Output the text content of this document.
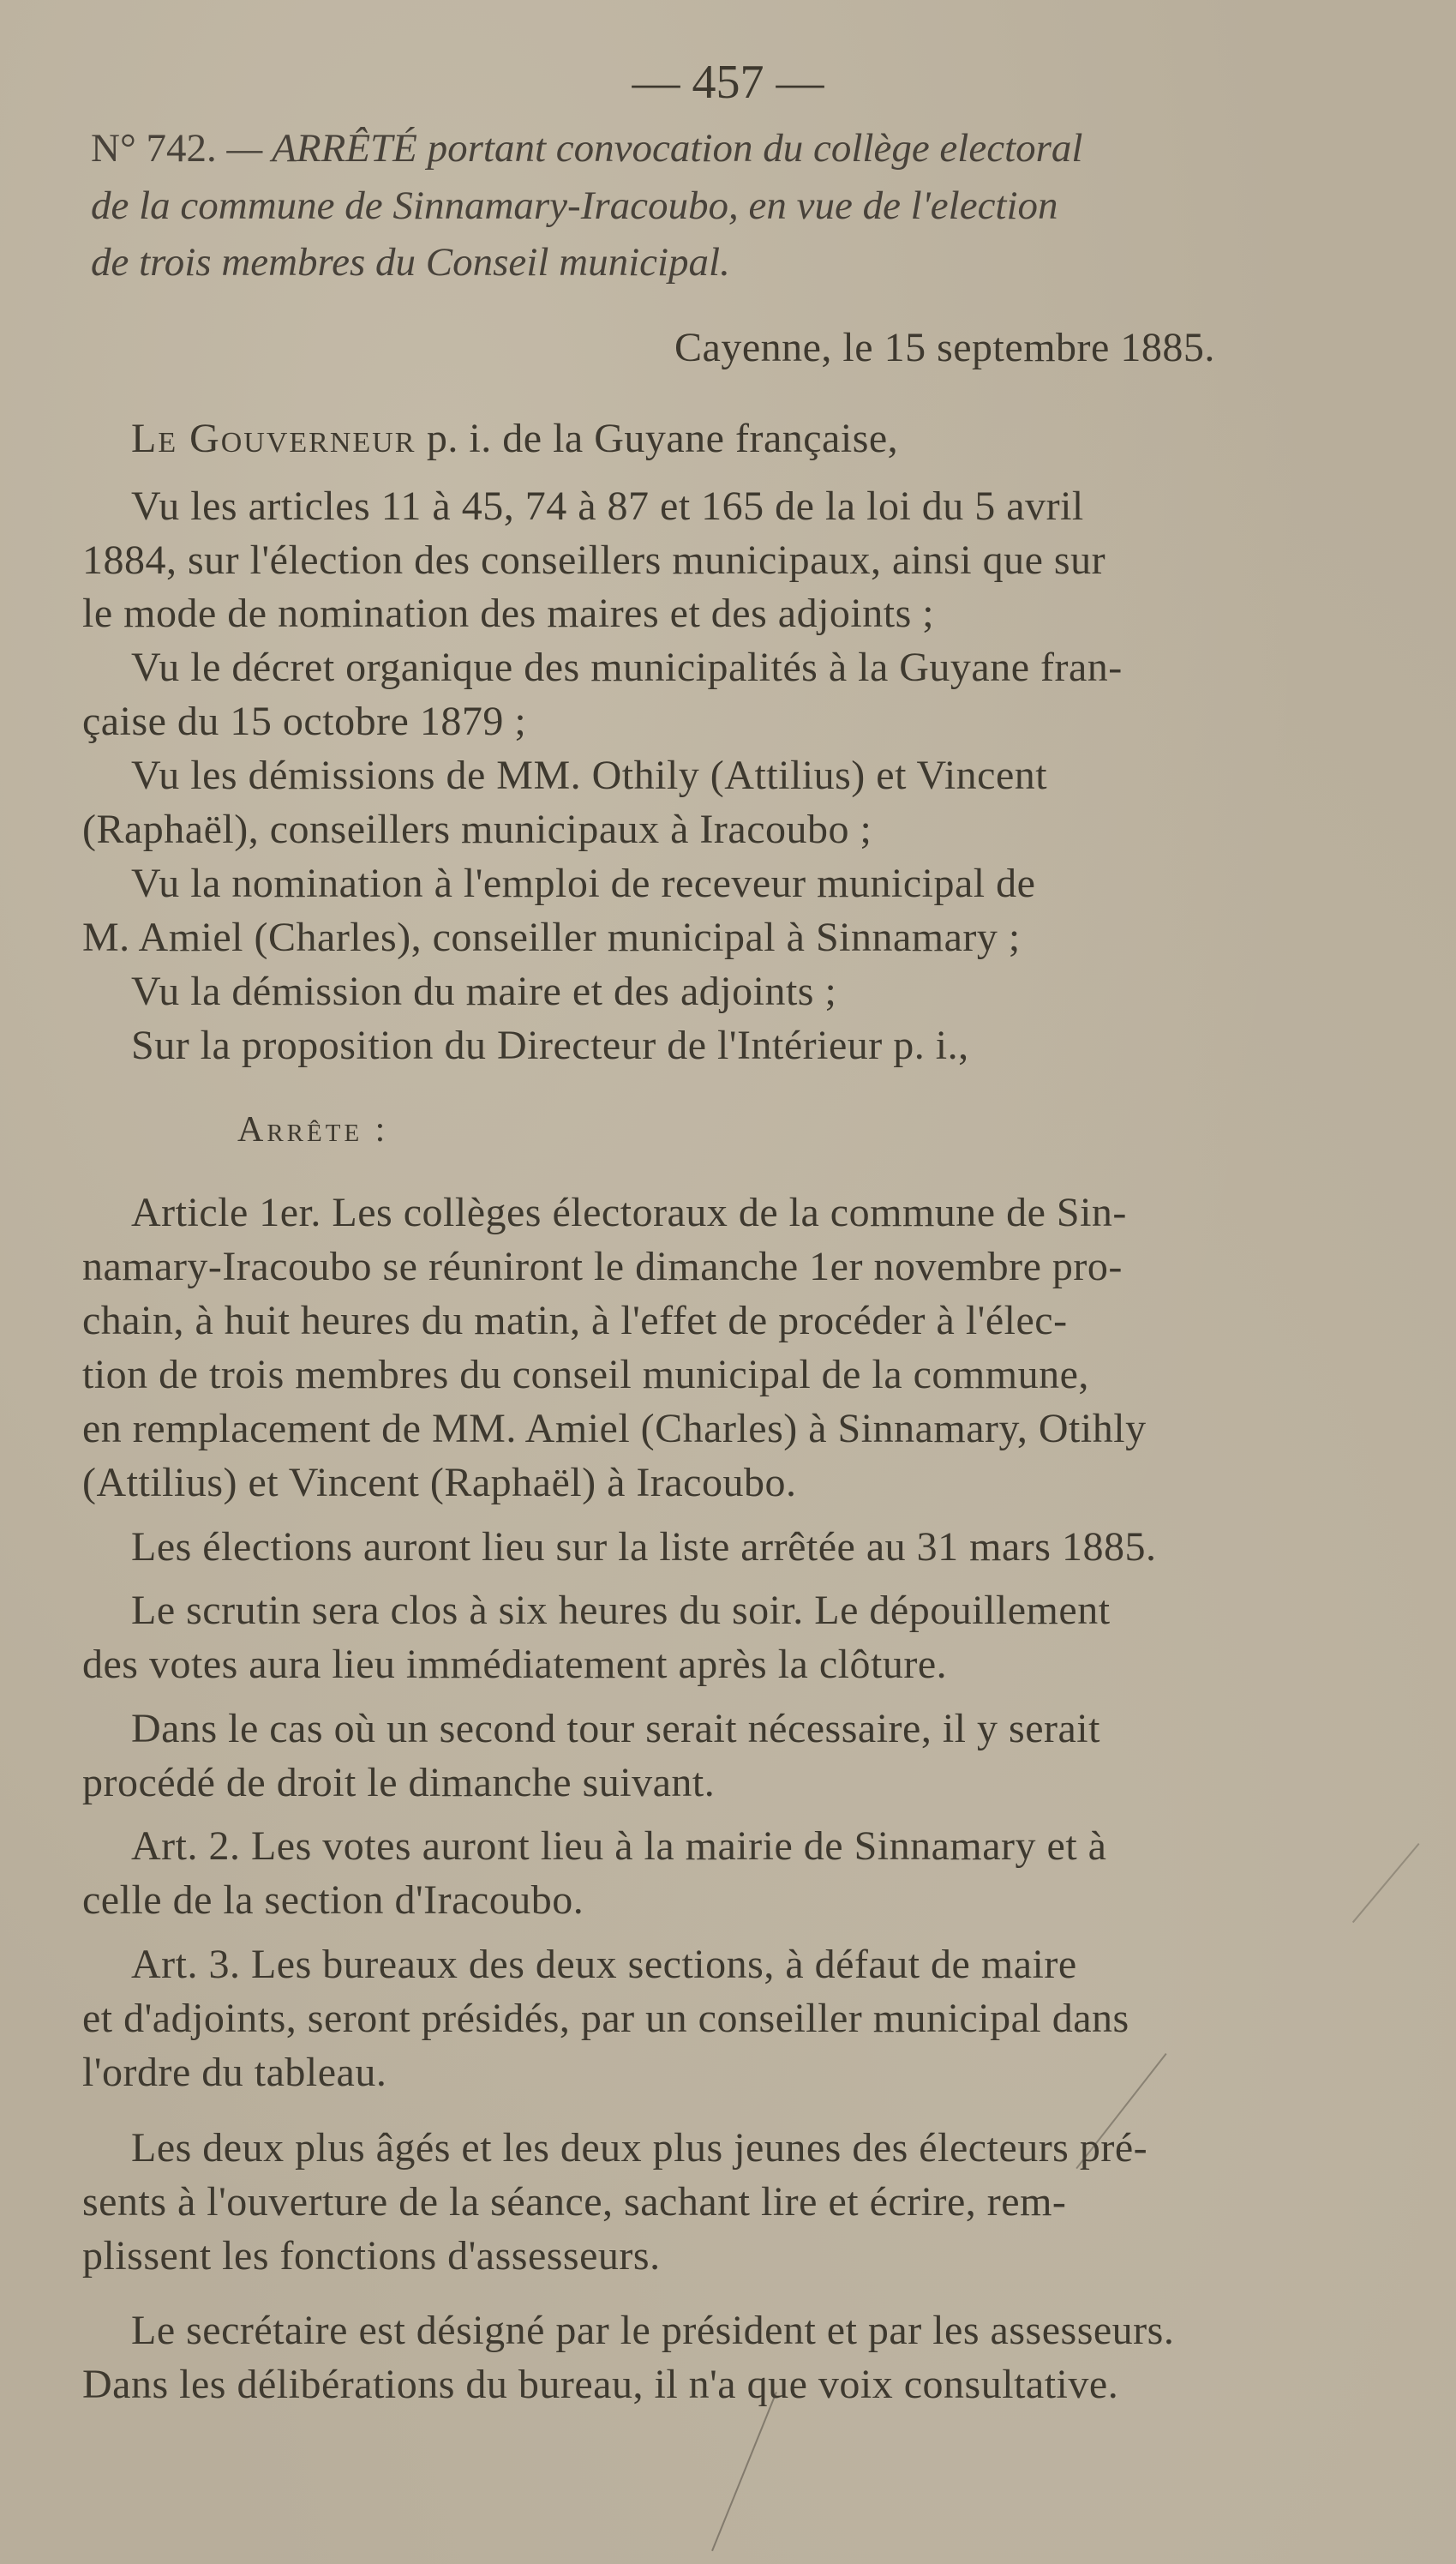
— 457 —

N° 742. — ARRÊTÉ portant convocation du collège electoral

de la commune de Sinnamary-Iracoubo, en vue de l'election

de trois membres du Conseil municipal.

Cayenne, le 15 septembre 1885.

Le Gouverneur p. i. de la Guyane française,

Vu les articles 11 à 45, 74 à 87 et 165 de la loi du 5 avril

1884, sur l'élection des conseillers municipaux, ainsi que sur

le mode de nomination des maires et des adjoints ;

Vu le décret organique des municipalités à la Guyane fran-

çaise du 15 octobre 1879 ;

Vu les démissions de MM. Othily (Attilius) et Vincent

(Raphaël), conseillers municipaux à Iracoubo ;

Vu la nomination à l'emploi de receveur municipal de

M. Amiel (Charles), conseiller municipal à Sinnamary ;

Vu la démission du maire et des adjoints ;

Sur la proposition du Directeur de l'Intérieur p. i.,

Arrête :

Article 1er. Les collèges électoraux de la commune de Sin-

namary-Iracoubo se réuniront le dimanche 1er novembre pro-

chain, à huit heures du matin, à l'effet de procéder à l'élec-

tion de trois membres du conseil municipal de la commune,

en remplacement de MM. Amiel (Charles) à Sinnamary, Otihly

(Attilius) et Vincent (Raphaël) à Iracoubo.

Les élections auront lieu sur la liste arrêtée au 31 mars 1885.

Le scrutin sera clos à six heures du soir. Le dépouillement

des votes aura lieu immédiatement après la clôture.

Dans le cas où un second tour serait nécessaire, il y serait

procédé de droit le dimanche suivant.

Art. 2. Les votes auront lieu à la mairie de Sinnamary et à

celle de la section d'Iracoubo.

Art. 3. Les bureaux des deux sections, à défaut de maire

et d'adjoints, seront présidés, par un conseiller municipal dans

l'ordre du tableau.

Les deux plus âgés et les deux plus jeunes des électeurs pré-

sents à l'ouverture de la séance, sachant lire et écrire, rem-

plissent les fonctions d'assesseurs.

Le secrétaire est désigné par le président et par les assesseurs.

Dans les délibérations du bureau, il n'a que voix consultative.
